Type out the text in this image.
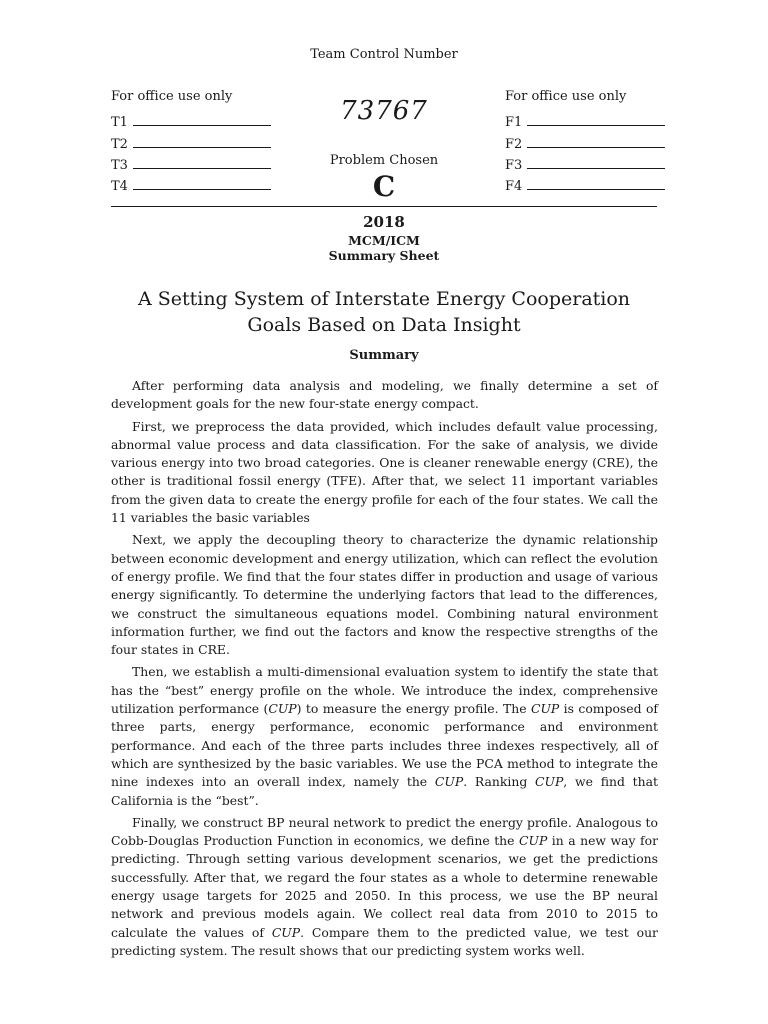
Team Control Number
For office use only
T1
T2
T3
T4
For office use only
F1
F2
F3
F4
73767
Problem Chosen
C
2018
MCM/ICM
Summary Sheet
A Setting System of Interstate Energy Cooperation
Goals Based on Data Insight
Summary

After performing data analysis and modeling, we finally determine a set of development goals for the new four-state energy compact.

First, we preprocess the data provided, which includes default value processing, abnormal value process and data classification. For the sake of analysis, we divide various energy into two broad categories. One is cleaner renewable energy (CRE), the other is traditional fossil energy (TFE). After that, we select 11 important variables from the given data to create the energy profile for each of the four states. We call the 11 variables the basic variables

Next, we apply the decoupling theory to characterize the dynamic relationship between economic development and energy utilization, which can reflect the evolution of energy profile. We find that the four states differ in production and usage of various energy significantly. To determine the underlying factors that lead to the differences, we construct the simultaneous equations model. Combining natural environment information further, we find out the factors and know the respective strengths of the four states in CRE.

Then, we establish a multi-dimensional evaluation system to identify the state that has the “best” energy profile on the whole. We introduce the index, comprehensive utilization performance (CUP) to measure the energy profile. The CUP is composed of three parts, energy performance, economic performance and environment performance. And each of the three parts includes three indexes respectively, all of which are synthesized by the basic variables. We use the PCA method to integrate the nine indexes into an overall index, namely the CUP. Ranking CUP, we find that California is the “best”.

Finally, we construct BP neural network to predict the energy profile. Analogous to Cobb-Douglas Production Function in economics, we define the CUP in a new way for predicting. Through setting various development scenarios, we get the predictions successfully. After that, we regard the four states as a whole to determine renewable energy usage targets for 2025 and 2050. In this process, we use the BP neural network and previous models again. We collect real data from 2010 to 2015 to calculate the values of CUP. Compare them to the predicted value, we test our predicting system. The result shows that our predicting system works well.
